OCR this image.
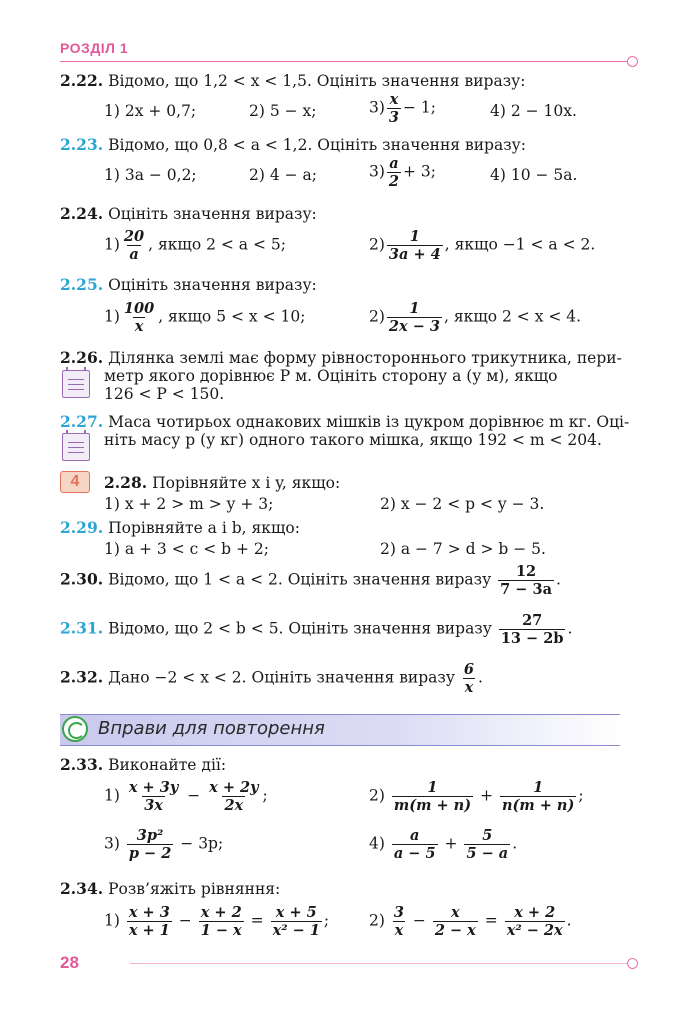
РОЗДІЛ 1
2.22. Відомо, що 1,2 < x < 1,5. Оцініть значення виразу:
1) 2x + 0,7;	2) 5 − x;	$3) \frac{x}{3} - 1$;	4) 2 − 10x.
2.23. Відомо, що 0,8 < a < 1,2. Оцініть значення виразу:
1) 3a − 0,2;	2) 4 − a;	$3) \frac{a}{2} + 3$;	4) 10 − 5a.
2.24. Оцініть значення виразу:
$1) \frac{20}{a}$ , якщо 2 < a < 5;	$2) \frac{1}{3a + 4}$ , якщо −1 < a < 2.
2.25. Оцініть значення виразу:
$1) \frac{100}{x}$ , якщо 5 < x < 10;	$2) \frac{1}{2x - 3}$ , якщо 2 < x < 4.
2.26. Ділянка землі має форму рівностороннього трикутника, пери-
метр якого дорівнює P м. Оцініть сторону a (у м), якщо
126 < P < 150.
2.27. Маса чотирьох однакових мішків із цукром дорівнює m кг. Оці-
ніть масу p (у кг) одного такого мішка, якщо 192 < m < 204.
4	2.28. Порівняйте x і y, якщо:
1) x + 2 > m > y + 3;	2) x − 2 < p < y − 3.
2.29. Порівняйте a і b, якщо:
1) a + 3 < c < b + 2;	2) a − 7 > d > b − 5.
2.30. Відомо, що 1 < a < 2. Оцініть значення виразу $\frac{12}{7 - 3a}$ .
2.31. Відомо, що 2 < b < 5. Оцініть значення виразу $\frac{27}{13 - 2b}$ .
2.32. Дано −2 < x < 2. Оцініть значення виразу $\frac{6}{x}$ .
Вправи для повторення
2.33. Виконайте дії:
$1) \frac{x + 3y}{3x} - \frac{x + 2y}{2x}$ ;	$2) \frac{1}{m(m + n)} + \frac{1}{n(m + n)}$ ;
$3) \frac{\text{3p²}}{p - 2} - 3p$;	$4) \frac{a}{a - 5} + \frac{5}{5 - a}$ .
2.34. Розв’яжіть рівняння:
$1) \frac{x + 3}{x + 1} - \frac{x + 2}{1 - x} = \frac{x + 5}{\text{x² − 1}}$ ;	$2) \frac{3}{x} - \frac{x}{2 - x} = \frac{x + 2}{\text{x² − 2x}}$ .
28
